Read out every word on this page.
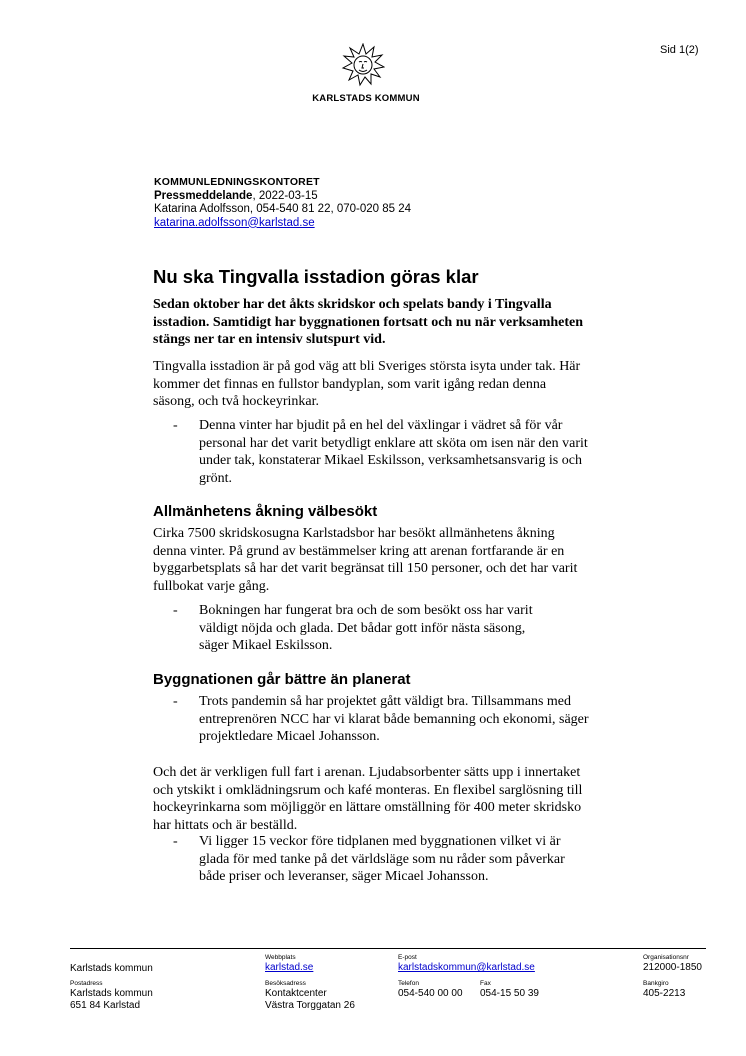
Sid 1(2)
KARLSTADS KOMMUN
KOMMUNLEDNINGSKONTORET
Pressmeddelande, 2022-03-15
Katarina Adolfsson, 054-540 81 22, 070-020 85 24
katarina.adolfsson@karlstad.se
Nu ska Tingvalla isstadion göras klar

Sedan oktober har det åkts skridskor och spelats bandy i Tingvalla
isstadion. Samtidigt har byggnationen fortsatt och nu när verksamheten
stängs ner tar en intensiv slutspurt vid.

Tingvalla isstadion är på god väg att bli Sveriges största isyta under tak. Här
kommer det finnas en fullstor bandyplan, som varit igång redan denna
säsong, och två hockeyrinkar.

- Denna vinter har bjudit på en hel del växlingar i vädret så för vår
personal har det varit betydligt enklare att sköta om isen när den varit
under tak, konstaterar Mikael Eskilsson, verksamhetsansvarig is och
grönt.
Allmänhetens åkning välbesökt

Cirka 7500 skridskosugna Karlstadsbor har besökt allmänhetens åkning
denna vinter. På grund av bestämmelser kring att arenan fortfarande är en
byggarbetsplats så har det varit begränsat till 150 personer, och det har varit
fullbokat varje gång.

- Bokningen har fungerat bra och de som besökt oss har varit
väldigt nöjda och glada. Det bådar gott inför nästa säsong,
säger Mikael Eskilsson.
Byggnationen går bättre än planerat
- Trots pandemin så har projektet gått väldigt bra. Tillsammans med
entreprenören NCC har vi klarat både bemanning och ekonomi, säger
projektledare Micael Johansson.

Och det är verkligen full fart i arenan. Ljudabsorbenter sätts upp i innertaket
och ytskikt i omklädningsrum och kafé monteras. En flexibel sarglösning till
hockeyrinkarna som möjliggör en lättare omställning för 400 meter skridsko
har hittats och är beställd.

- Vi ligger 15 veckor före tidplanen med byggnationen vilket vi är
glada för med tanke på det världsläge som nu råder som påverkar
både priser och leveranser, säger Micael Johansson.
Karlstads kommun
Webbplats
karlstad.se
E-post
karlstadskommun@karlstad.se
Organisationsnr
212000-1850
Postadress
Karlstads kommun
651 84 Karlstad
Besöksadress
Kontaktcenter
Västra Torggatan 26
Telefon
054-540 00 00
Fax
054-15 50 39
Bankgiro
405-2213
